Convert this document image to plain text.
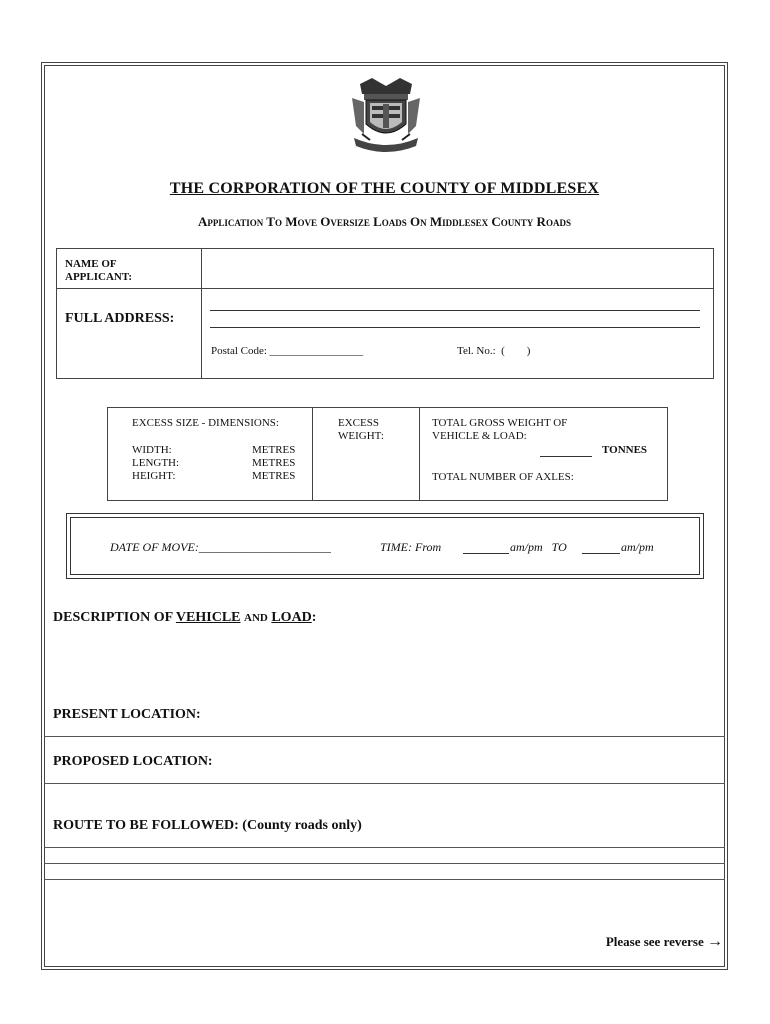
THE CORPORATION OF THE COUNTY OF MIDDLESEX
Application To Move Oversize Loads On Middlesex County Roads
NAME OF
APPLICANT:	

FULL ADDRESS:	Postal Code: _________________ Tel. No.:  (        )
EXCESS SIZE - DIMENSIONS:
WIDTH:	METRES
LENGTH:	METRES
HEIGHT:	METRES
EXCESS
WEIGHT:
TOTAL GROSS WEIGHT OF
VEHICLE & LOAD:
TONNES
TOTAL NUMBER OF AXLES:
DATE OF MOVE:______________________	TIME: From	am/pm   TO	am/pm
DESCRIPTION OF VEHICLE AND LOAD:
PRESENT LOCATION:
PROPOSED LOCATION:
ROUTE TO BE FOLLOWED: (County roads only)
Please see reverse →
